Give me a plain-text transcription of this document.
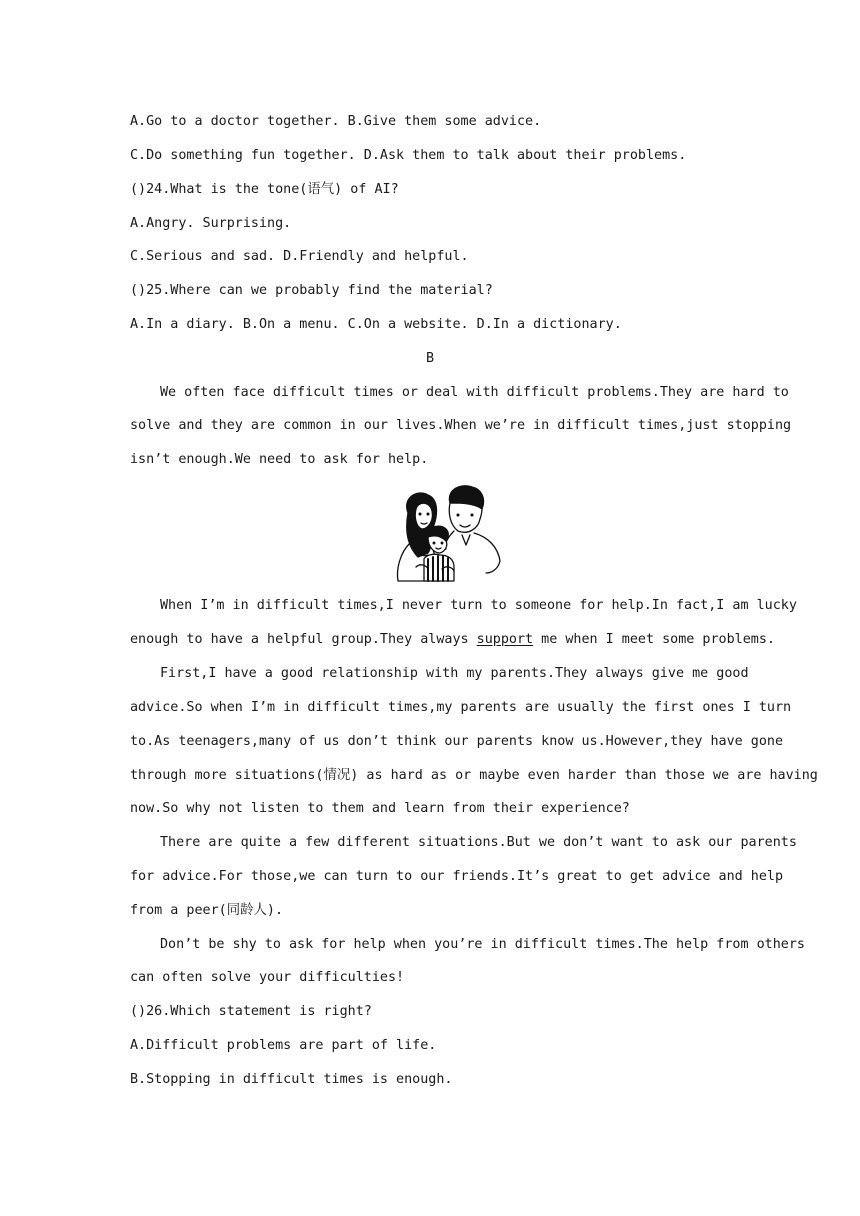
A.Go to a doctor together. B.Give them some advice.
C.Do something fun together. D.Ask them to talk about their problems.
()24.What is the tone(语气) of AI?
A.Angry. Surprising.
C.Serious and sad. D.Friendly and helpful.
()25.Where can we probably find the material?
A.In a diary. B.On a menu. C.On a website. D.In a dictionary.
B
We often face difficult times or deal with difficult problems.They are hard to
solve and they are common in our lives.When we’re in difficult times,just stopping
isn’t enough.We need to ask for help.
When I’m in difficult times,I never turn to someone for help.In fact,I am lucky
enough to have a helpful group.They always support me when I meet some problems.
First,I have a good relationship with my parents.They always give me good
advice.So when I’m in difficult times,my parents are usually the first ones I turn
to.As teenagers,many of us don’t think our parents know us.However,they have gone
through more situations(情况) as hard as or maybe even harder than those we are having
now.So why not listen to them and learn from their experience?
There are quite a few different situations.But we don’t want to ask our parents
for advice.For those,we can turn to our friends.It’s great to get advice and help
from a peer(同龄人).
Don’t be shy to ask for help when you’re in difficult times.The help from others
can often solve your difficulties!
()26.Which statement is right?
A.Difficult problems are part of life.
B.Stopping in difficult times is enough.
